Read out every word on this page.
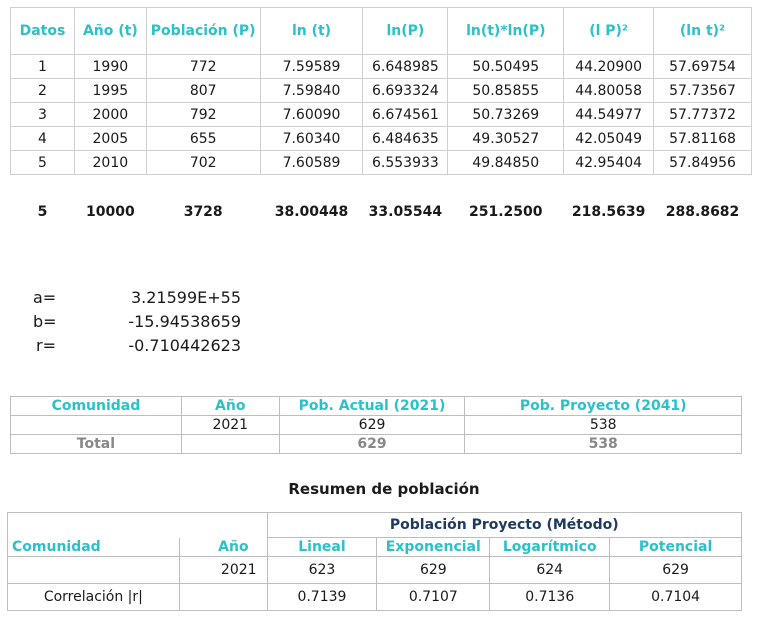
Datos	Año (t)	Población (P)	ln (t)	ln(P)	ln(t)*ln(P)	(l P)²	(ln t)²
1	1990	772	7.59589	6.648985	50.50495	44.20900	57.69754
2	1995	807	7.59840	6.693324	50.85855	44.80058	57.73567
3	2000	792	7.60090	6.674561	50.73269	44.54977	57.77372
4	2005	655	7.60340	6.484635	49.30527	42.05049	57.81168
5	2010	702	7.60589	6.553933	49.84850	42.95404	57.84956

5	10000	3728	38.00448	33.05544	251.2500	218.5639	288.8682
a=	3.21599E+55
b=	-15.94538659
r=	-0.710442623
Comunidad	Año	Pob. Actual (2021)	Pob. Proyecto (2041)
	2021	629	538
Total		629	538
Resumen de población
		Población Proyecto (Método)			
Comunidad	Año	Lineal	Exponencial	Logarítmico	Potencial
	2021	623	629	624	629
Correlación |r|		0.7139	0.7107	0.7136	0.7104
